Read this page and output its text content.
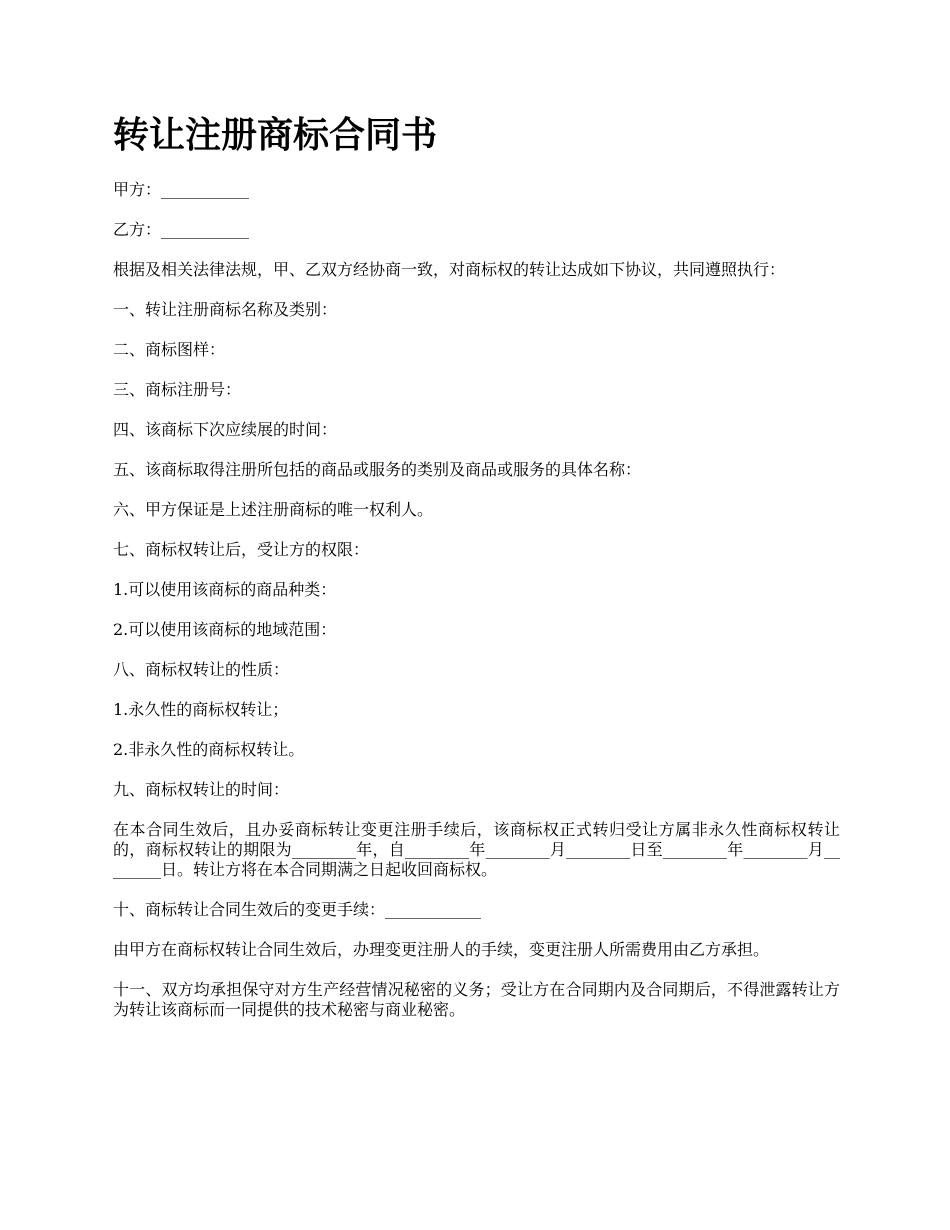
转让注册商标合同书

甲方：___________

乙方：___________

根据及相关法律法规，甲、乙双方经协商一致，对商标权的转让达成如下协议，共同遵照执行：

一、转让注册商标名称及类别：

二、商标图样：

三、商标注册号：

四、该商标下次应续展的时间：

五、该商标取得注册所包括的商品或服务的类别及商品或服务的具体名称：

六、甲方保证是上述注册商标的唯一权利人。

七、商标权转让后，受让方的权限：

1.可以使用该商标的商品种类：

2.可以使用该商标的地域范围：

八、商标权转让的性质：

1.永久性的商标权转让；

2.非永久性的商标权转让。

九、商标权转让的时间：

在本合同生效后，且办妥商标转让变更注册手续后，该商标权正式转归受让方属非永久性商标权转让的，商标权转让的期限为________年，自________年________月________日至________年________月________日。转让方将在本合同期满之日起收回商标权。

十、商标转让合同生效后的变更手续：____________

由甲方在商标权转让合同生效后，办理变更注册人的手续，变更注册人所需费用由乙方承担。

十一、双方均承担保守对方生产经营情况秘密的义务；受让方在合同期内及合同期后，不得泄露转让方为转让该商标而一同提供的技术秘密与商业秘密。
